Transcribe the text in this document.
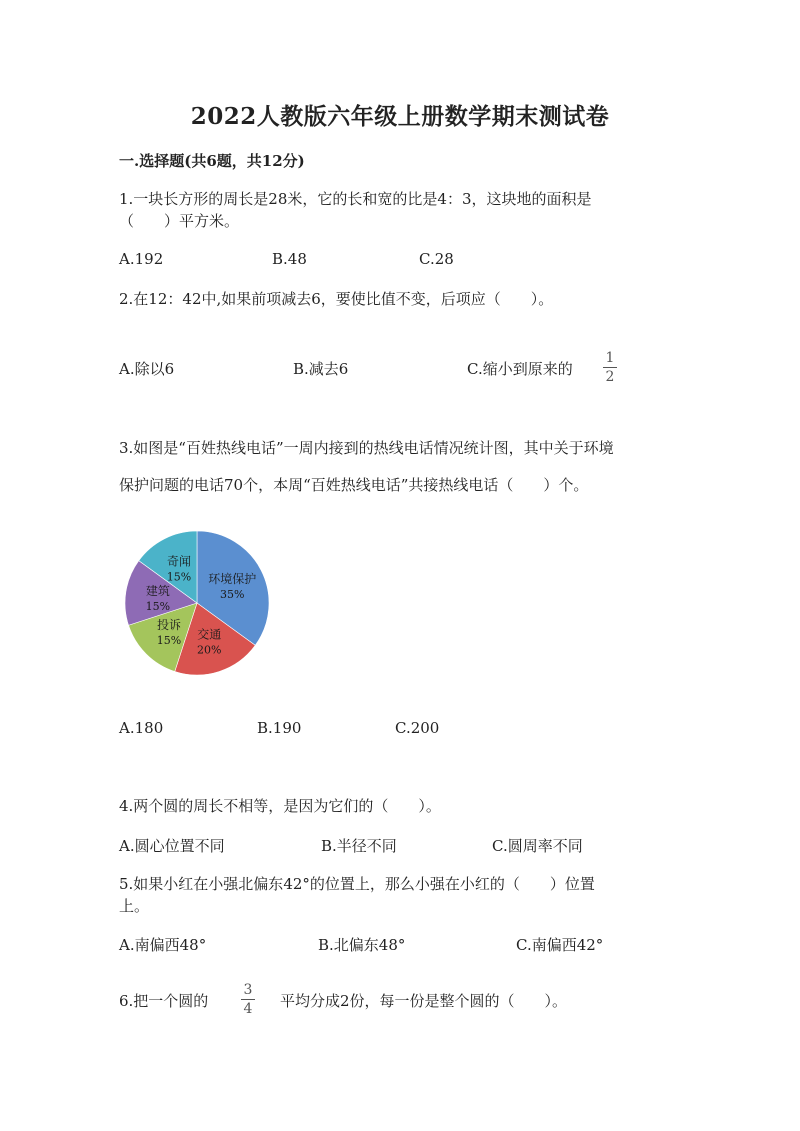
2022人教版六年级上册数学期末测试卷
一.选择题(共6题，共12分)
1.一块长方形的周长是28米，它的长和宽的比是4：3，这块地的面积是
（　　）平方米。
A.192	B.48	C.28
2.在12：42中,如果前项减去6，要使比值不变，后项应（　　）。
A.除以6	B.减去6	C.缩小到原来的
1
2
3.如图是“百姓热线电话”一周内接到的热线电话情况统计图，其中关于环境
保护问题的电话70个，本周“百姓热线电话”共接热线电话（　　）个。
环境保护
35%
交通
20%
投诉
15%
建筑
15%
奇闻
15%
A.180	B.190	C.200
4.两个圆的周长不相等，是因为它们的（　　）。
A.圆心位置不同	B.半径不同	C.圆周率不同
5.如果小红在小强北偏东42°的位置上，那么小强在小红的（　　）位置
上。
A.南偏西48°	B.北偏东48°	C.南偏西42°
6.把一个圆的
3
4 平均分成2份，每一份是整个圆的（　　）。
